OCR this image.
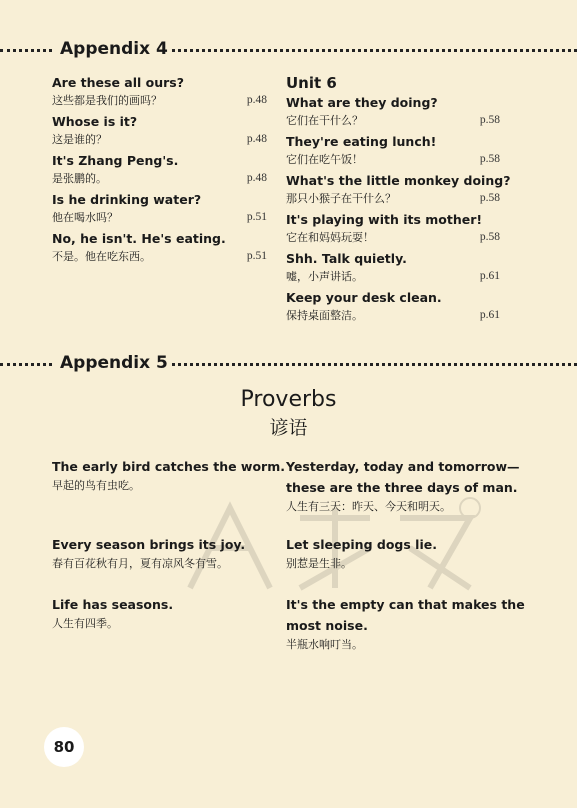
Appendix 4
Are these all ours?
这些都是我们的画吗？	p.48
Whose is it?
这是谁的？	p.48
It's Zhang Peng's.
是张鹏的。	p.48
Is he drinking water?
他在喝水吗？	p.51
No, he isn't. He's eating.
不是。他在吃东西。	p.51
Unit 6
What are they doing?
它们在干什么？	p.58
They're eating lunch!
它们在吃午饭！	p.58
What's the little monkey doing?
那只小猴子在干什么？	p.58
It's playing with its mother!
它在和妈妈玩耍！	p.58
Shh. Talk quietly.
嘘，小声讲话。	p.61
Keep your desk clean.
保持桌面整洁。	p.61
Appendix 5
Proverbs
谚语
The early bird catches the worm.
早起的鸟有虫吃。
Every season brings its joy.
春有百花秋有月，夏有凉风冬有雪。
Life has seasons.
人生有四季。
Yesterday, today and tomorrow—
these are the three days of man.
人生有三天：昨天、今天和明天。
Let sleeping dogs lie.
别惹是生非。
It's the empty can that makes the
most noise.
半瓶水响叮当。
80
